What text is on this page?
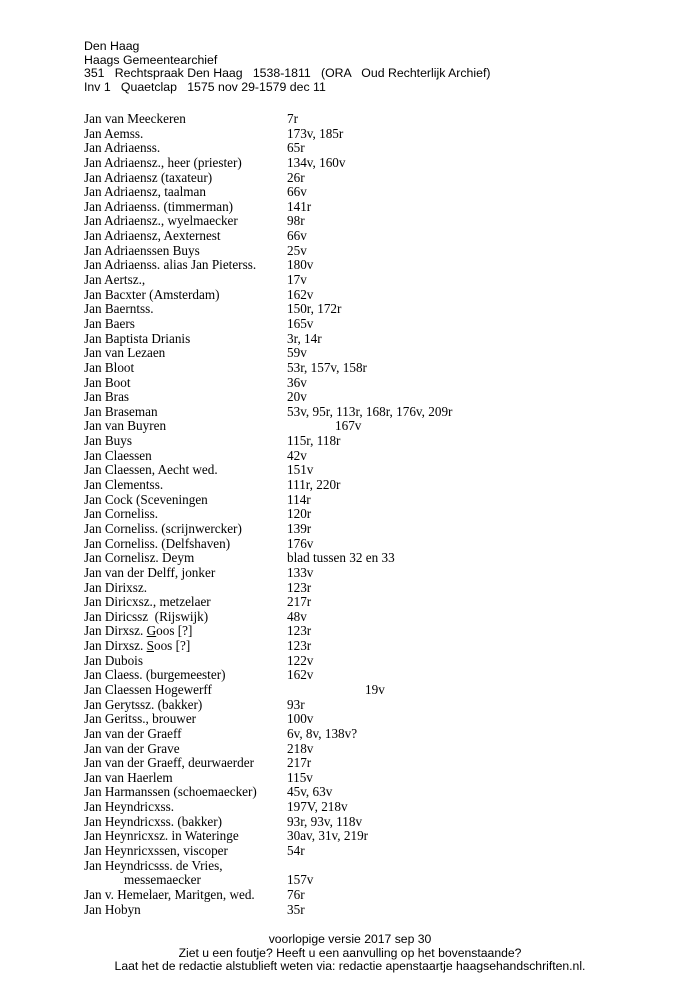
Den Haag
Haags Gemeentearchief
351   Rechtspraak Den Haag   1538-1811   (ORA   Oud Rechterlijk Archief)
Inv 1   Quaetclap   1575 nov 29-1579 dec 11
Jan van Meeckeren	7r
Jan Aemss.	173v, 185r
Jan Adriaenss.	65r
Jan Adriaensz., heer (priester)	134v, 160v
Jan Adriaensz (taxateur)	26r
Jan Adriaensz, taalman	66v
Jan Adriaenss. (timmerman)	141r
Jan Adriaensz., wyelmaecker	98r
Jan Adriaensz, Aexternest	66v
Jan Adriaenssen Buys	25v
Jan Adriaenss. alias Jan Pieterss. 180v
Jan Aertsz.,	17v
Jan Bacxter (Amsterdam)	162v
Jan Baerntss.	150r, 172r
Jan Baers	165v
Jan Baptista Drianis	3r, 14r
Jan van Lezaen	59v
Jan Bloot	53r, 157v, 158r
Jan Boot	36v
Jan Bras	20v
Jan Braseman	53v, 95r, 113r, 168r, 176v, 209r
Jan van Buyren	167v
Jan Buys	115r, 118r
Jan Claessen	42v
Jan Claessen, Aecht wed.	151v
Jan Clementss.	111r, 220r
Jan Cock (Sceveningen	114r
Jan Corneliss.	120r
Jan Corneliss. (scrijnwercker)	139r
Jan Corneliss. (Delfshaven)	176v
Jan Cornelisz. Deym	blad tussen 32 en 33
Jan van der Delff, jonker	133v
Jan Dirixsz.	123r
Jan Diricxsz., metzelaer	217r
Jan Diricssz  (Rijswijk)	48v
Jan Dirxsz. Goos [?]	123r
Jan Dirxsz. Soos [?]	123r
Jan Dubois	122v
Jan Claess. (burgemeester)	162v
Jan Claessen Hogewerff	19v
Jan Gerytssz. (bakker)	93r
Jan Geritss., brouwer	100v
Jan van der Graeff	6v, 8v, 138v?
Jan van der Grave	218v
Jan van der Graeff, deurwaerder 217r
Jan van Haerlem	115v
Jan Harmanssen (schoemaecker) 45v, 63v
Jan Heyndricxss.	197V, 218v
Jan Heyndricxss. (bakker)	93r, 93v, 118v
Jan Heynricxsz. in Wateringe	30av, 31v, 219r
Jan Heynricxssen, viscoper	54r
Jan Heyndricsss. de Vries,
messemaecker	157v
Jan v. Hemelaer, Maritgen, wed. 76r
Jan Hobyn	35r
voorlopige versie 2017 sep 30
Ziet u een foutje? Heeft u een aanvulling op het bovenstaande?
Laat het de redactie alstublieft weten via: redactie apenstaartje haagsehandschriften.nl.
